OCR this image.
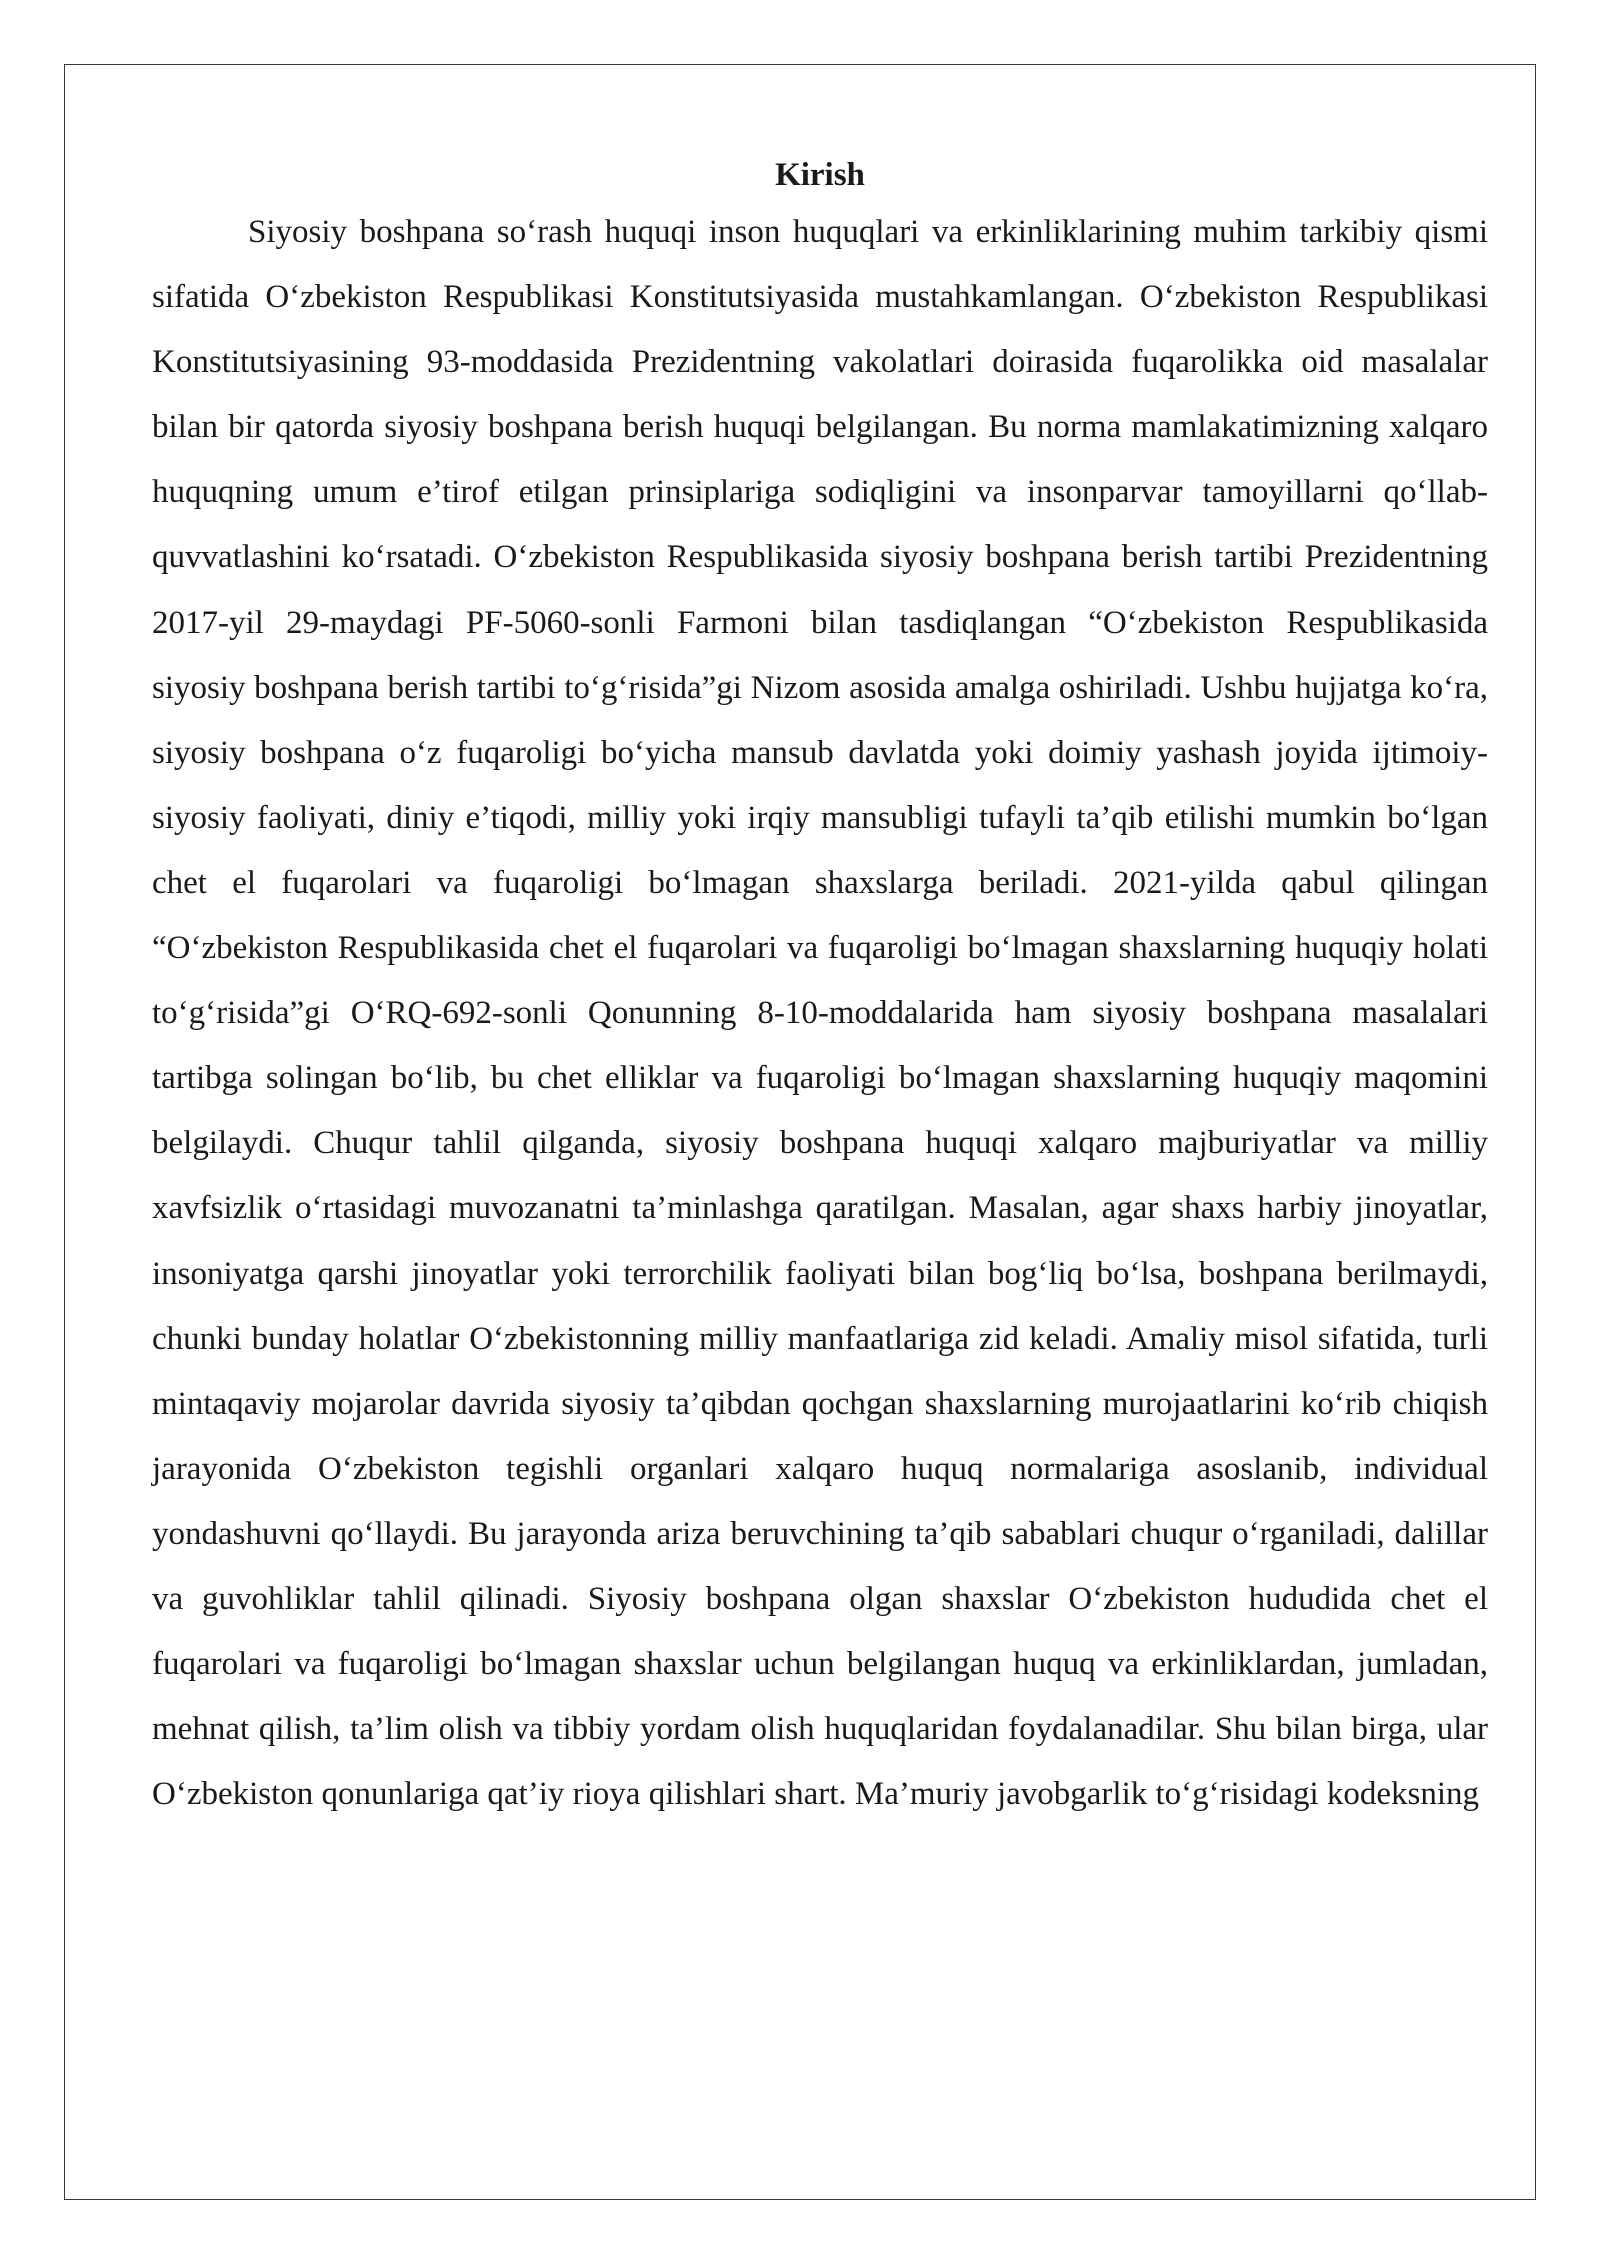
Kirish

Siyosiy boshpana so‘rash huquqi inson huquqlari va erkinliklarining muhim tarkibiy qismi sifatida O‘zbekiston Respublikasi Konstitutsiyasida mustahkamlangan. O‘zbekiston Respublikasi Konstitutsiyasining 93-moddasida Prezidentning vakolatlari doirasida fuqarolikka oid masalalar bilan bir qatorda siyosiy boshpana berish huquqi belgilangan. Bu norma mamlakatimizning xalqaro huquqning umum e’tirof etilgan prinsiplariga sodiqligini va insonparvar tamoyillarni qo‘llab-quvvatlashini ko‘rsatadi. O‘zbekiston Respublikasida siyosiy boshpana berish tartibi Prezidentning 2017-yil 29-maydagi PF-5060-sonli Farmoni bilan tasdiqlangan “O‘zbekiston Respublikasida siyosiy boshpana berish tartibi to‘g‘risida”gi Nizom asosida amalga oshiriladi. Ushbu hujjatga ko‘ra, siyosiy boshpana o‘z fuqaroligi bo‘yicha mansub davlatda yoki doimiy yashash joyida ijtimoiy-siyosiy faoliyati, diniy e’tiqodi, milliy yoki irqiy mansubligi tufayli ta’qib etilishi mumkin bo‘lgan chet el fuqarolari va fuqaroligi bo‘lmagan shaxslarga beriladi. 2021-yilda qabul qilingan “O‘zbekiston Respublikasida chet el fuqarolari va fuqaroligi bo‘lmagan shaxslarning huquqiy holati to‘g‘risida”gi O‘RQ-692-sonli Qonunning 8-10-moddalarida ham siyosiy boshpana masalalari tartibga solingan bo‘lib, bu chet elliklar va fuqaroligi bo‘lmagan shaxslarning huquqiy maqomini belgilaydi. Chuqur tahlil qilganda, siyosiy boshpana huquqi xalqaro majburiyatlar va milliy xavfsizlik o‘rtasidagi muvozanatni ta’minlashga qaratilgan. Masalan, agar shaxs harbiy jinoyatlar, insoniyatga qarshi jinoyatlar yoki terrorchilik faoliyati bilan bog‘liq bo‘lsa, boshpana berilmaydi, chunki bunday holatlar O‘zbekistonning milliy manfaatlariga zid keladi. Amaliy misol sifatida, turli mintaqaviy mojarolar davrida siyosiy ta’qibdan qochgan shaxslarning murojaatlarini ko‘rib chiqish jarayonida O‘zbekiston tegishli organlari xalqaro huquq normalariga asoslanib, individual yondashuvni qo‘llaydi. Bu jarayonda ariza beruvchining ta’qib sabablari chuqur o‘rganiladi, dalillar va guvohliklar tahlil qilinadi. Siyosiy boshpana olgan shaxslar O‘zbekiston hududida chet el fuqarolari va fuqaroligi bo‘lmagan shaxslar uchun belgilangan huquq va erkinliklardan, jumladan, mehnat qilish, ta’lim olish va tibbiy yordam olish huquqlaridan foydalanadilar. Shu bilan birga, ular O‘zbekiston qonunlariga qat’iy rioya qilishlari shart. Ma’muriy javobgarlik to‘g‘risidagi kodeksning
